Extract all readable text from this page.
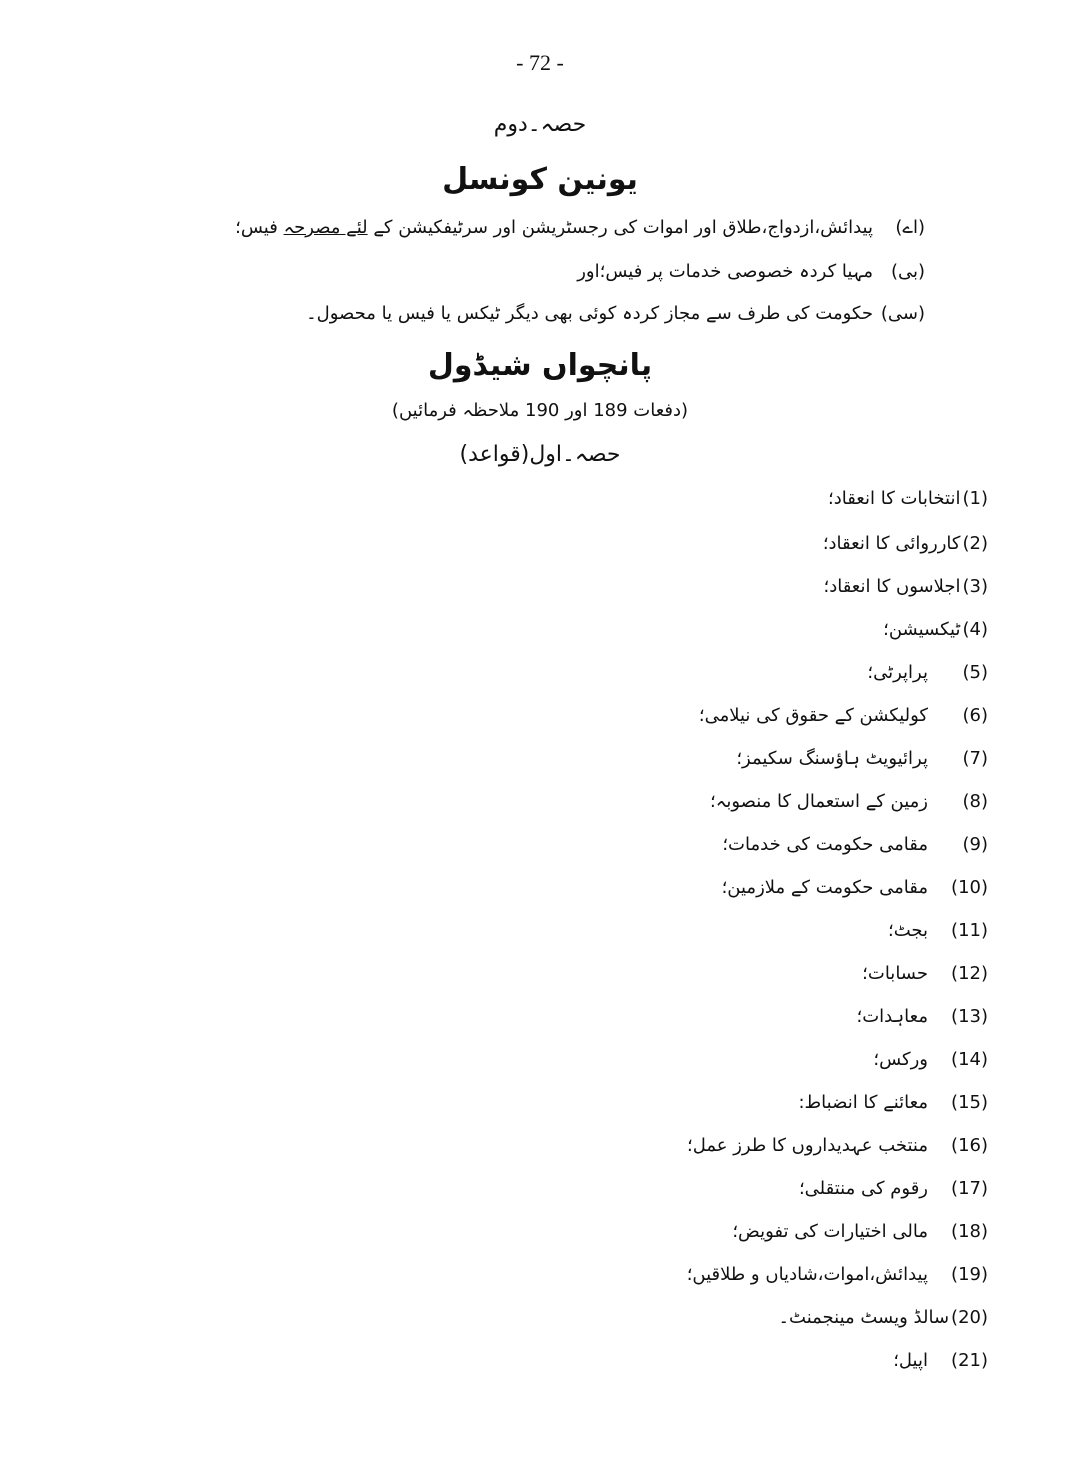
- 72 -
حصہ۔دوم
یونین کونسل
(اے)
پیدائش،ازدواج،طلاق اور اموات کی رجسٹریشن اور سرٹیفکیشن کے لئے مصرحہ فیس؛
(بی)
مہیا کردہ خصوصی خدمات پر فیس؛اور
(سی)
حکومت کی طرف سے مجاز کردہ کوئی بھی دیگر ٹیکس یا فیس یا محصول۔
پانچواں شیڈول
(دفعات 189 اور 190 ملاحظہ فرمائیں)
حصہ۔اول(قواعد)
(1)
انتخابات کا انعقاد؛
(2)
کارروائی کا انعقاد؛
(3)
اجلاسوں کا انعقاد؛
(4)
ٹیکسیشن؛
(5)
پراپرٹی؛
(6)
کولیکشن کے حقوق کی نیلامی؛
(7)
پرائیویٹ ہاؤسنگ سکیمز؛
(8)
زمین کے استعمال کا منصوبہ؛
(9)
مقامی حکومت کی خدمات؛
(10)
مقامی حکومت کے ملازمین؛
(11)
بجٹ؛
(12)
حسابات؛
(13)
معاہدات؛
(14)
ورکس؛
(15)
معائنے کا انضباط:
(16)
منتخب عہدیداروں کا طرز عمل؛
(17)
رقوم کی منتقلی؛
(18)
مالی اختیارات کی تفویض؛
(19)
پیدائش،اموات،شادیاں و طلاقیں؛
(20)
سالڈ ویسٹ مینجمنٹ۔
(21)
اپیل؛
